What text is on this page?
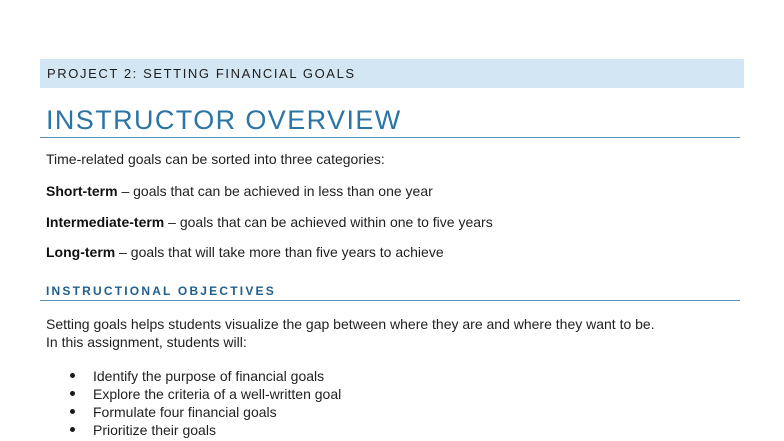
PROJECT 2: SETTING FINANCIAL GOALS
INSTRUCTOR OVERVIEW
Time-related goals can be sorted into three categories:
Short-term – goals that can be achieved in less than one year
Intermediate-term – goals that can be achieved within one to five years
Long-term – goals that will take more than five years to achieve
INSTRUCTIONAL OBJECTIVES
Setting goals helps students visualize the gap between where they are and where they want to be.
In this assignment, students will:
Identify the purpose of financial goals
Explore the criteria of a well-written goal
Formulate four financial goals
Prioritize their goals
